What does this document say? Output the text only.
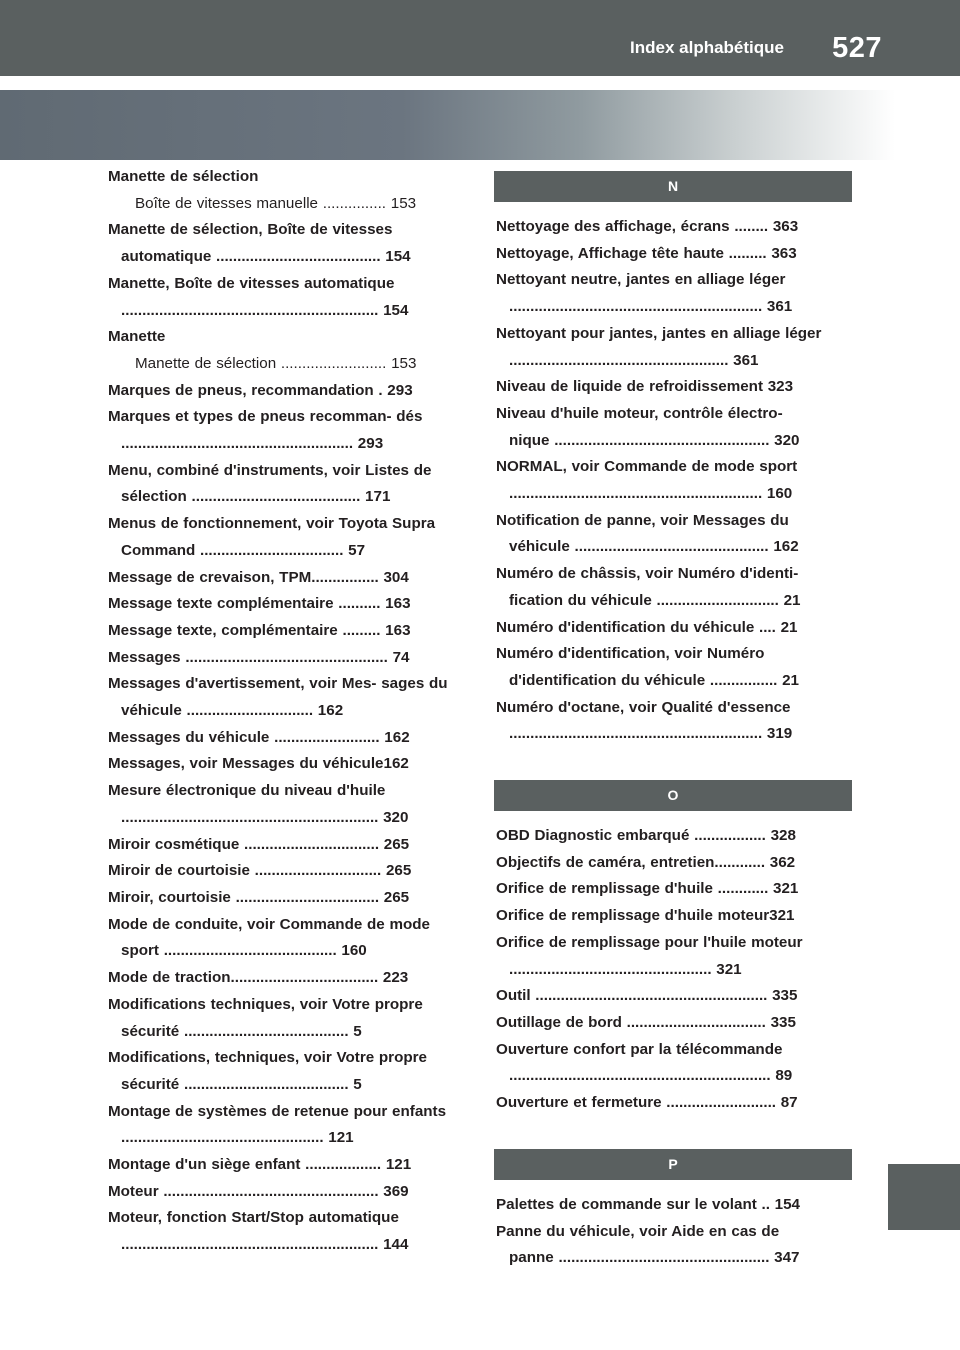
Index alphabétique 527
Manette de sélection
Boîte de vitesses manuelle ............... 153
Manette de sélection, Boîte de vitesses automatique ....................................... 154
Manette, Boîte de vitesses automatique ............................................................. 154
Manette
Manette de sélection ......................... 153
Marques de pneus, recommandation . 293
Marques et types de pneus recomman- dés ....................................................... 293
Menu, combiné d'instruments, voir Listes de sélection ........................................ 171
Menus de fonctionnement, voir Toyota Supra Command .................................. 57
Message de crevaison, TPM................ 304
Message texte complémentaire .......... 163
Message texte, complémentaire ......... 163
Messages ................................................ 74
Messages d'avertissement, voir Mes- sages du véhicule .............................. 162
Messages du véhicule ......................... 162
Messages, voir Messages du véhicule162
Mesure électronique du niveau d'huile ............................................................. 320
Miroir cosmétique ................................ 265
Miroir de courtoisie .............................. 265
Miroir, courtoisie .................................. 265
Mode de conduite, voir Commande de mode sport ......................................... 160
Mode de traction................................... 223
Modifications techniques, voir Votre propre sécurité ....................................... 5
Modifications, techniques, voir Votre propre sécurité ....................................... 5
Montage de systèmes de retenue pour enfants ................................................ 121
Montage d'un siège enfant .................. 121
Moteur ................................................... 369
Moteur, fonction Start/Stop automatique ............................................................. 144
N
Nettoyage des affichage, écrans ........ 363
Nettoyage, Affichage tête haute ......... 363
Nettoyant neutre, jantes en alliage léger ............................................................ 361
Nettoyant pour jantes, jantes en alliage léger .................................................... 361
Niveau de liquide de refroidissement 323
Niveau d'huile moteur, contrôle électro- nique ................................................... 320
NORMAL, voir Commande de mode sport ............................................................ 160
Notification de panne, voir Messages du véhicule .............................................. 162
Numéro de châssis, voir Numéro d'identi- fication du véhicule ............................. 21
Numéro d'identification du véhicule .... 21
Numéro d'identification, voir Numéro d'identification du véhicule ................ 21
Numéro d'octane, voir Qualité d'essence ............................................................ 319
O
OBD Diagnostic embarqué ................. 328
Objectifs de caméra, entretien............ 362
Orifice de remplissage d'huile ............ 321
Orifice de remplissage d'huile moteur321
Orifice de remplissage pour l'huile moteur ................................................ 321
Outil ....................................................... 335
Outillage de bord ................................. 335
Ouverture confort par la télécommande .............................................................. 89
Ouverture et fermeture .......................... 87
P
Palettes de commande sur le volant .. 154
Panne du véhicule, voir Aide en cas de panne .................................................. 347
